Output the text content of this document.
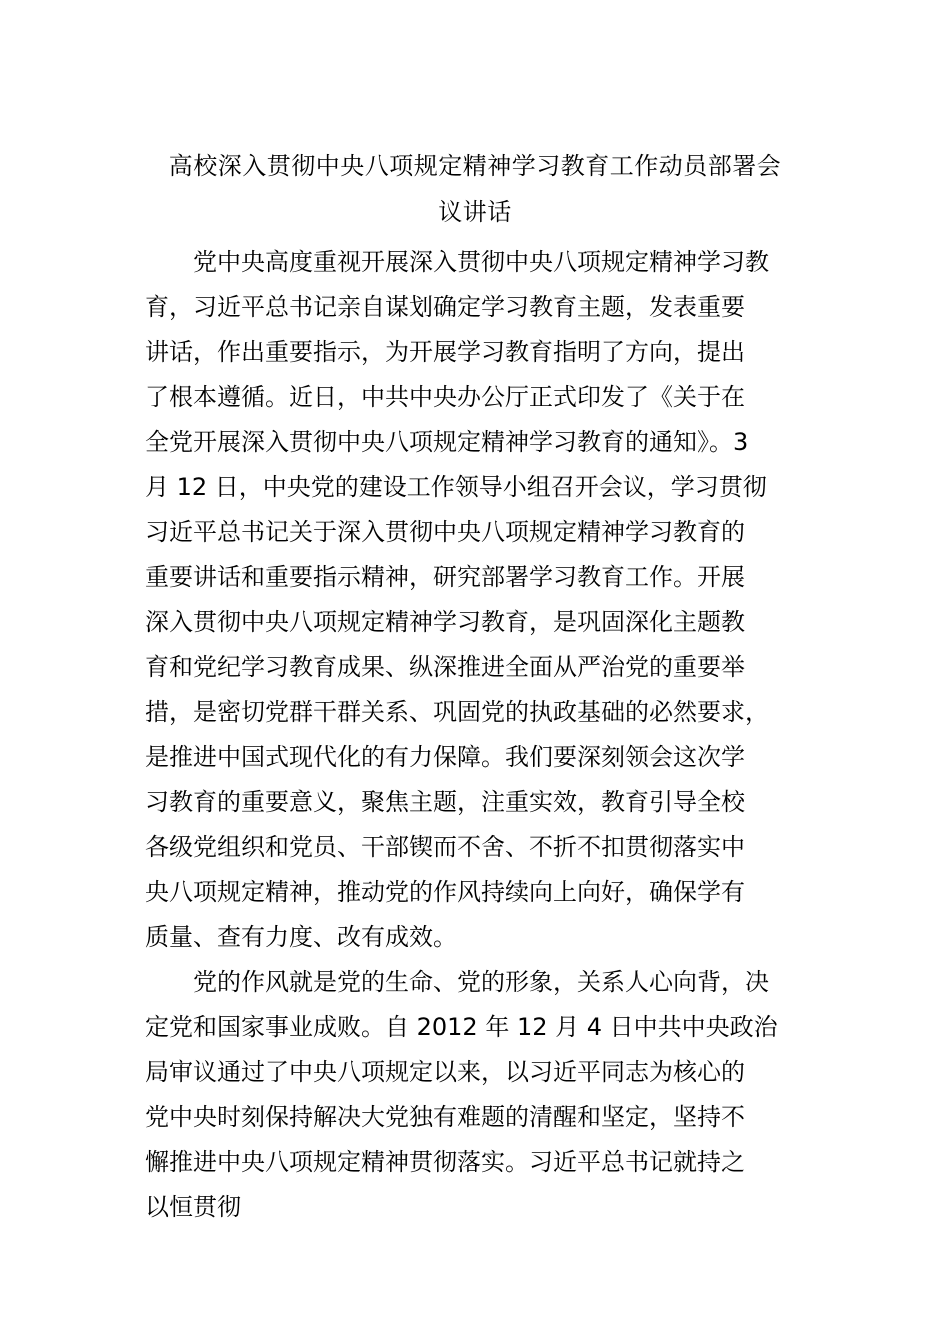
高校深入贯彻中央八项规定精神学习教育工作动员部署会
议讲话
党中央高度重视开展深入贯彻中央八项规定精神学习教
育，习近平总书记亲自谋划确定学习教育主题，发表重要
讲话，作出重要指示，为开展学习教育指明了方向，提出
了根本遵循。近日，中共中央办公厅正式印发了《关于在
全党开展深入贯彻中央八项规定精神学习教育的通知》。3
月 12 日，中央党的建设工作领导小组召开会议，学习贯彻
习近平总书记关于深入贯彻中央八项规定精神学习教育的
重要讲话和重要指示精神，研究部署学习教育工作。开展
深入贯彻中央八项规定精神学习教育，是巩固深化主题教
育和党纪学习教育成果、纵深推进全面从严治党的重要举
措，是密切党群干群关系、巩固党的执政基础的必然要求，
是推进中国式现代化的有力保障。我们要深刻领会这次学
习教育的重要意义，聚焦主题，注重实效，教育引导全校
各级党组织和党员、干部锲而不舍、不折不扣贯彻落实中
央八项规定精神，推动党的作风持续向上向好，确保学有
质量、查有力度、改有成效。
党的作风就是党的生命、党的形象，关系人心向背，决
定党和国家事业成败。自 2012 年 12 月 4 日中共中央政治
局审议通过了中央八项规定以来，以习近平同志为核心的
党中央时刻保持解决大党独有难题的清醒和坚定，坚持不
懈推进中央八项规定精神贯彻落实。习近平总书记就持之
以恒贯彻
